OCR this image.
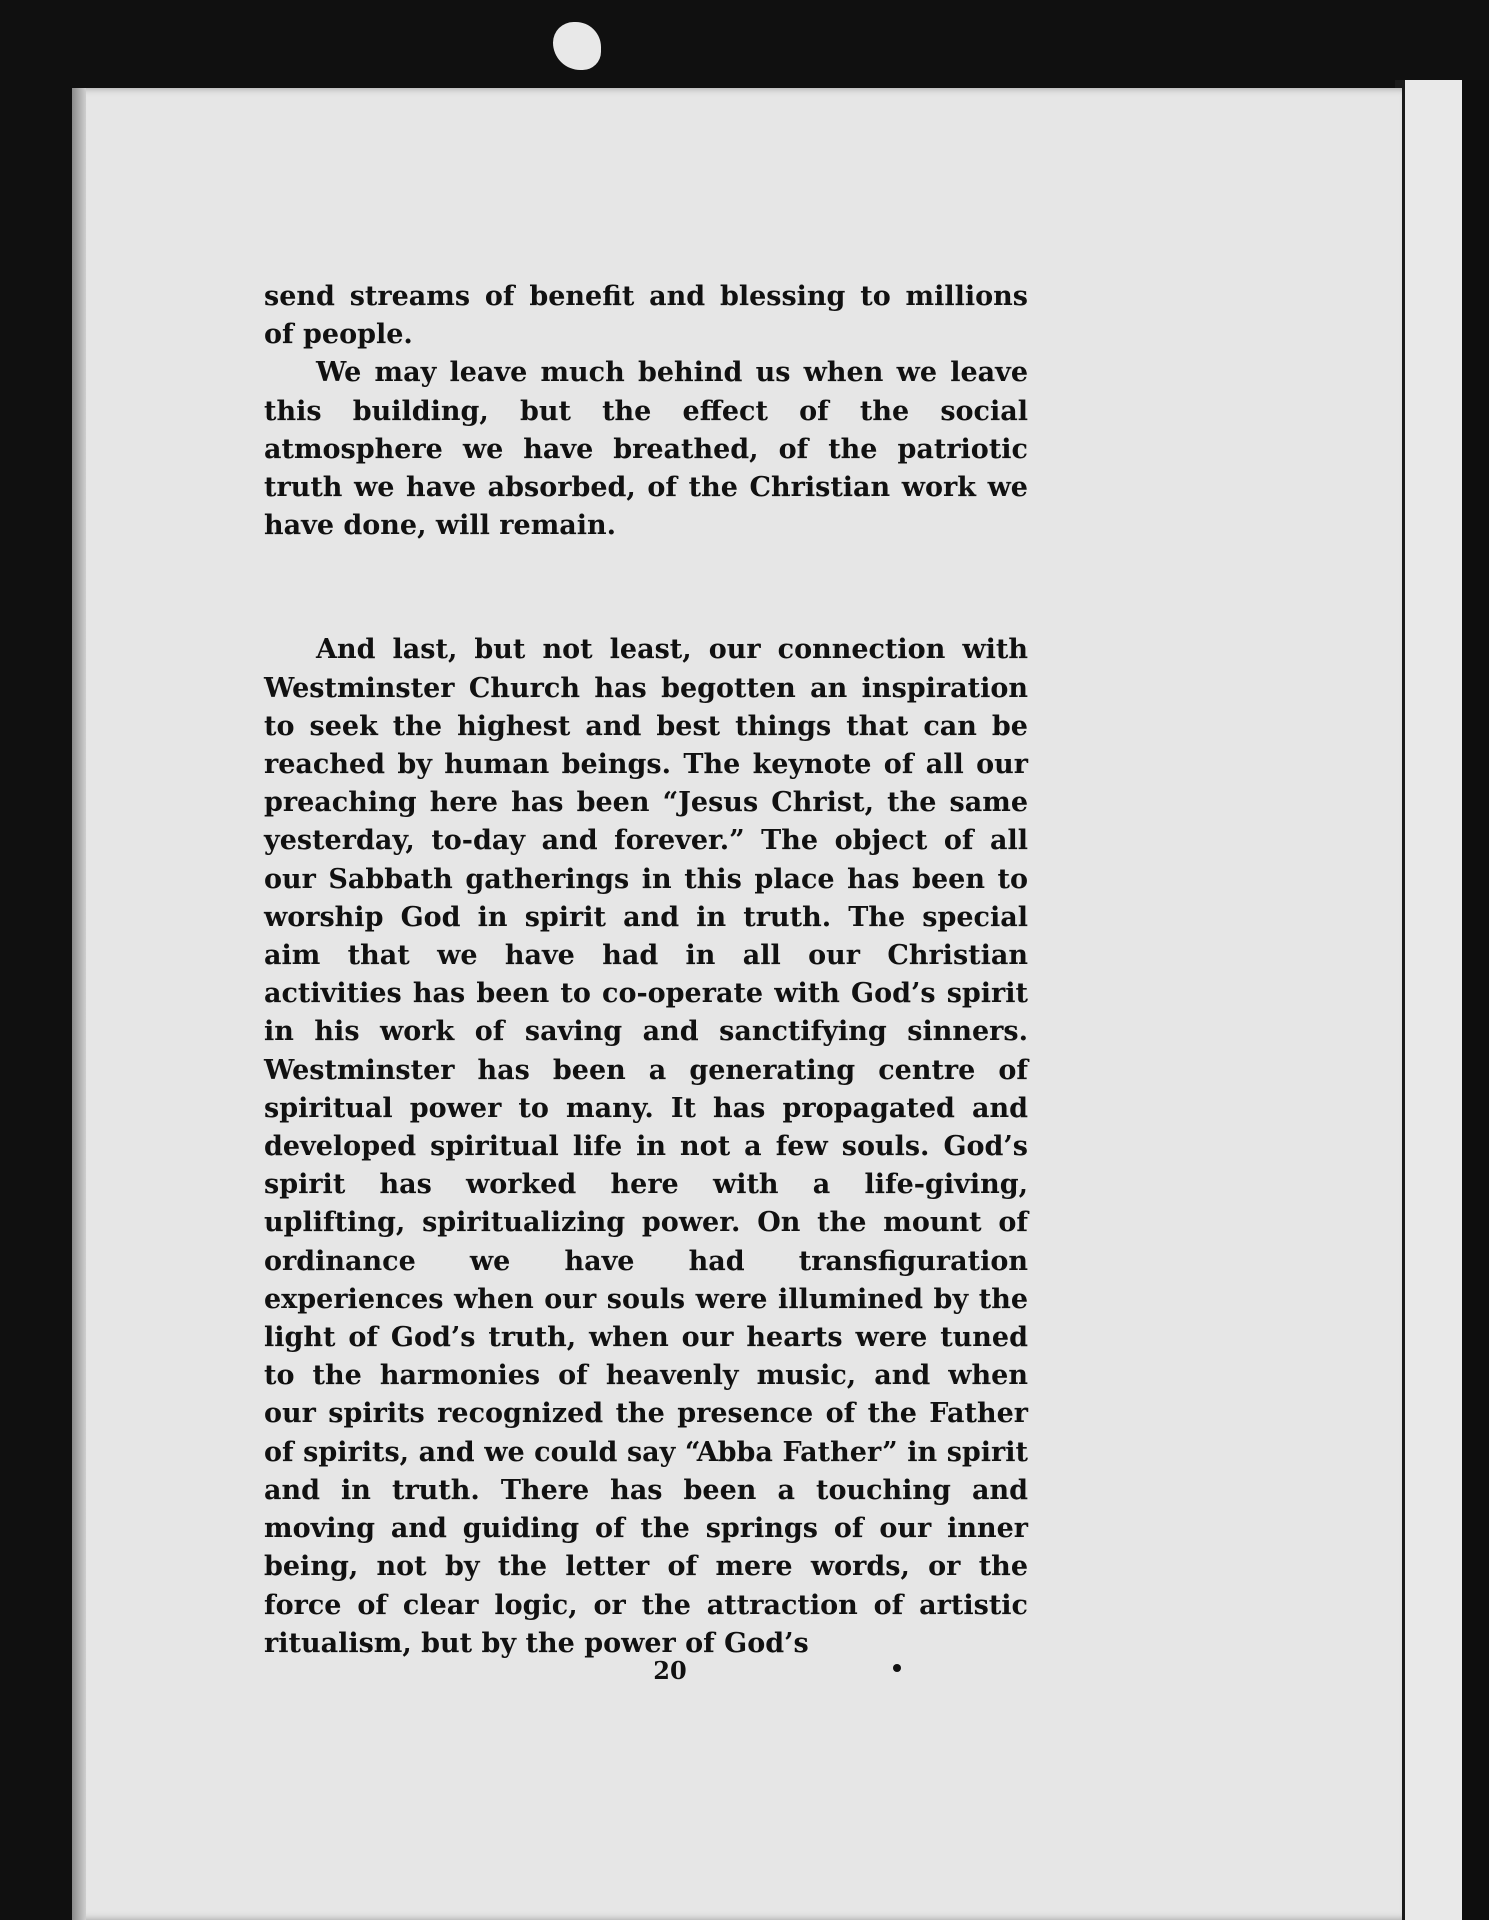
send streams of benefit and blessing to millions of people.

We may leave much behind us when we leave this building, but the effect of the social atmosphere we have breathed, of the patriotic truth we have absorbed, of the Christian work we have done, will remain.

And last, but not least, our connection with Westminster Church has begotten an inspiration to seek the highest and best things that can be reached by human beings. The keynote of all our preaching here has been “Jesus Christ, the same yesterday, to-day and forever.” The object of all our Sabbath gatherings in this place has been to worship God in spirit and in truth. The special aim that we have had in all our Christian activities has been to co-operate with God’s spirit in his work of saving and sanctifying sinners. Westminster has been a generating centre of spiritual power to many. It has propagated and developed spiritual life in not a few souls. God’s spirit has worked here with a life-giving, uplifting, spiritualizing power. On the mount of ordinance we have had transfiguration experiences when our souls were illumined by the light of God’s truth, when our hearts were tuned to the harmonies of heavenly music, and when our spirits recognized the presence of the Father of spirits, and we could say “Abba Father” in spirit and in truth. There has been a touching and moving and guiding of the springs of our inner being, not by the letter of mere words, or the force of clear logic, or the attraction of artistic ritualism, but by the power of God’s

20
